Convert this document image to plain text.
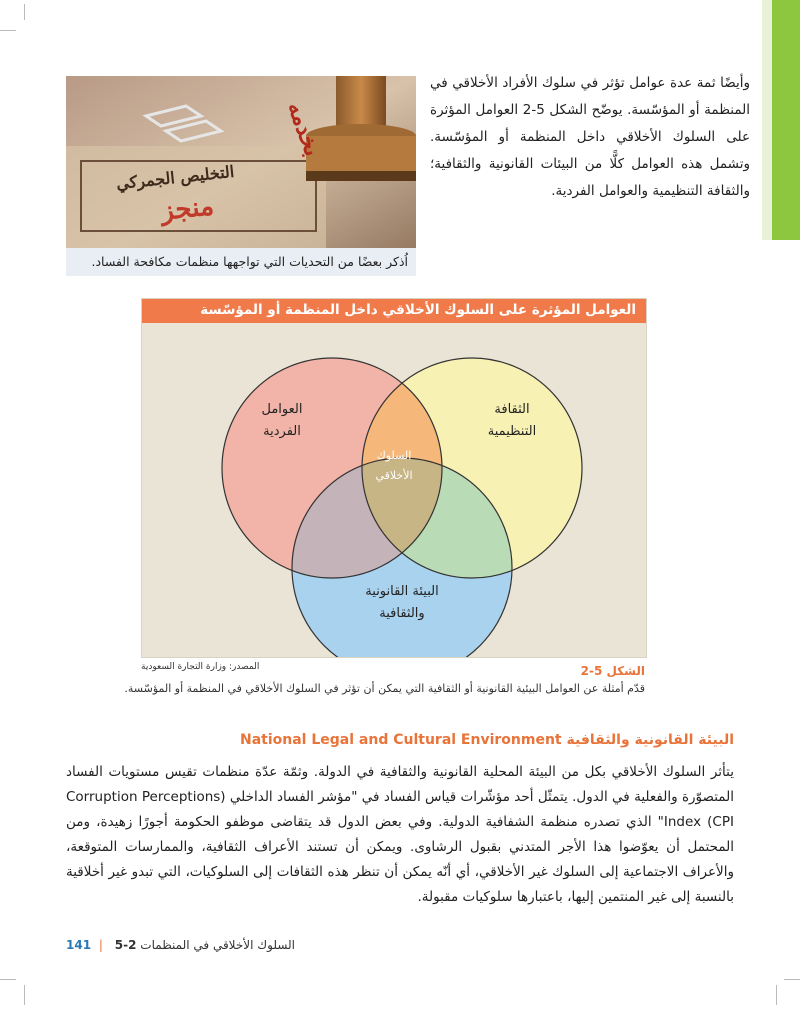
التخليص الجمركي
منجز
بخدمه
اُذكر بعضًا من التحديات التي تواجهها منظمات مكافحة الفساد.
وأيضًا ثمة عدة عوامل تؤثر في سلوك الأفراد الأخلاقي في المنظمة أو المؤسّسة. يوضّح الشكل 5-2 العوامل المؤثرة على السلوك الأخلاقي داخل المنظمة أو المؤسّسة. وتشمل هذه العوامل كلًّا من البيئات القانونية والثقافية؛ والثقافة التنظيمية والعوامل الفردية.
العوامل المؤثرة على السلوك الأخلاقي داخل المنظمة أو المؤسّسة
العوامل الفردية
الثقافة التنظيمية
البيئة القانونية والثقافية
السلوك الأخلاقي
المصدر: وزارة التجارة السعودية	الشكل 5-2
قدّم أمثلة عن العوامل البيئية القانونية أو الثقافية التي يمكن أن تؤثر في السلوك الأخلاقي في المنظمة أو المؤسّسة.
البيئة القانونية والثقافية National Legal and Cultural Environment
يتأثر السلوك الأخلاقي بكل من البيئة المحلية القانونية والثقافية في الدولة. وثمّة عدّة منظمات تقيس مستويات الفساد المتصوّرة والفعلية في الدول. يتمثّل أحد مؤشّرات قياس الفساد في "مؤشر الفساد الداخلي (Corruption Perceptions Index (CPI" الذي تصدره منظمة الشفافية الدولية. وفي بعض الدول قد يتقاضى موظفو الحكومة أجورًا زهيدة، ومن المحتمل أن يعوّضوا هذا الأجر المتدني بقبول الرشاوى. ويمكن أن تستند الأعراف الثقافية، والممارسات المتوقعة، والأعراف الاجتماعية إلى السلوك غير الأخلاقي، أي أنّه يمكن أن تنظر هذه الثقافات إلى السلوكيات، التي تبدو غير أخلاقية بالنسبة إلى غير المنتمين إليها، باعتبارها سلوكيات مقبولة.
141 |	السلوك الأخلاقي في المنظمات 2-5
